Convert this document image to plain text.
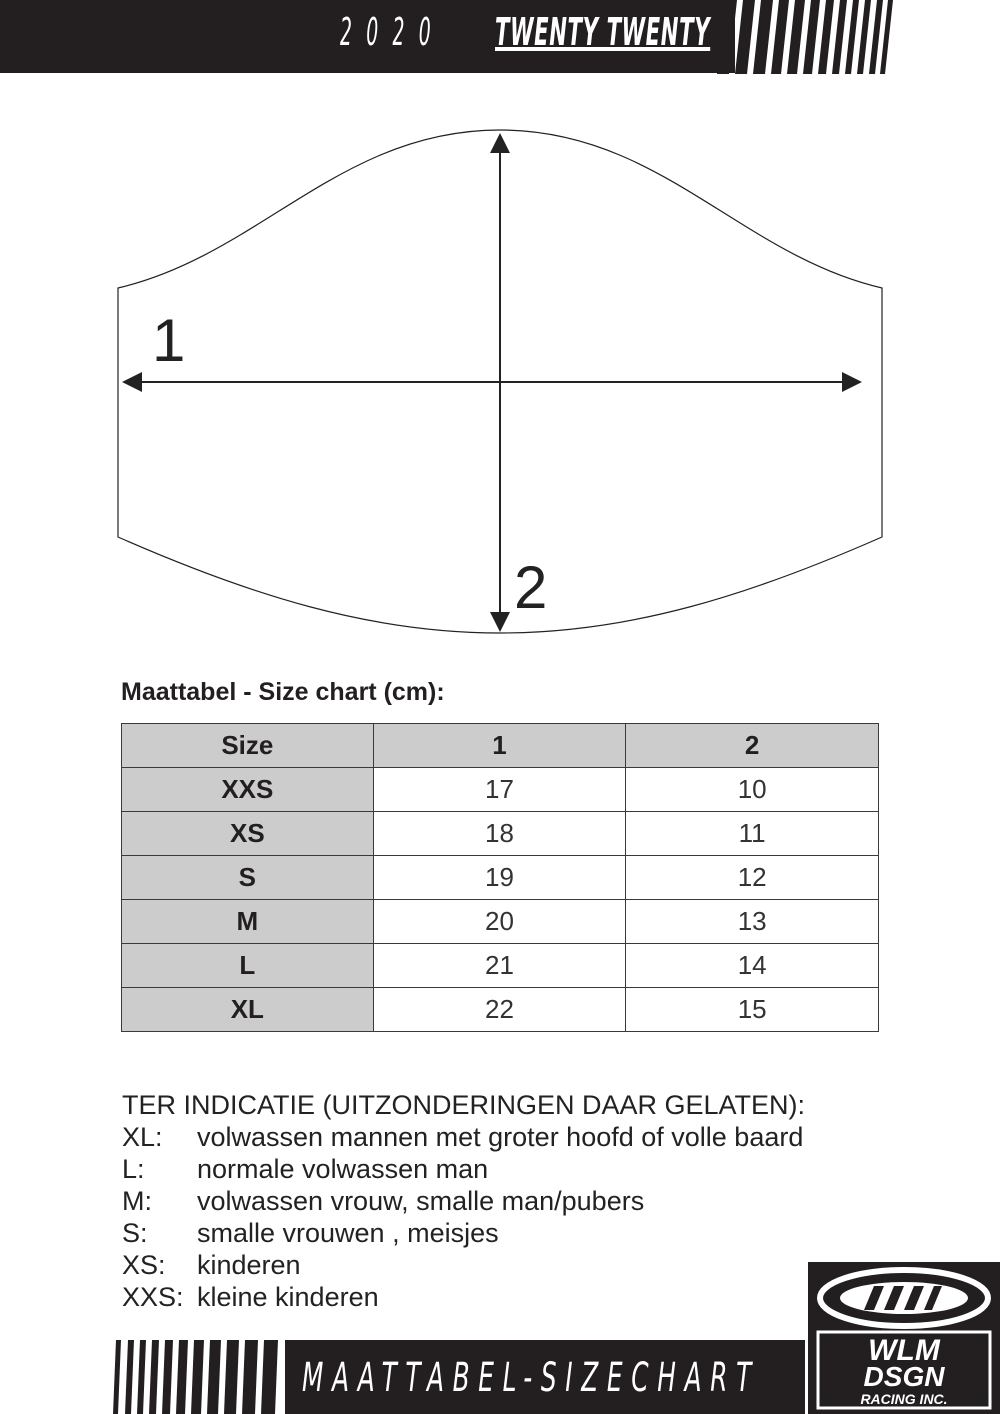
2020 TWENTY TWENTY
1
2
Maattabel - Size chart (cm):
Size	1	2
XXS	17	10
XS	18	11
S	19	12
M	20	13
L	21	14
XL	22	15
TER INDICATIE (UITZONDERINGEN DAAR GELATEN):
XL:	volwassen mannen met groter hoofd of volle baard
L:	normale volwassen man
M:	volwassen vrouw, smalle man/pubers
S:	smalle vrouwen , meisjes
XS:	kinderen
XXS: kleine kinderen
MAATTABEL-SIZECHART
WLM
DSGN
RACING INC.
